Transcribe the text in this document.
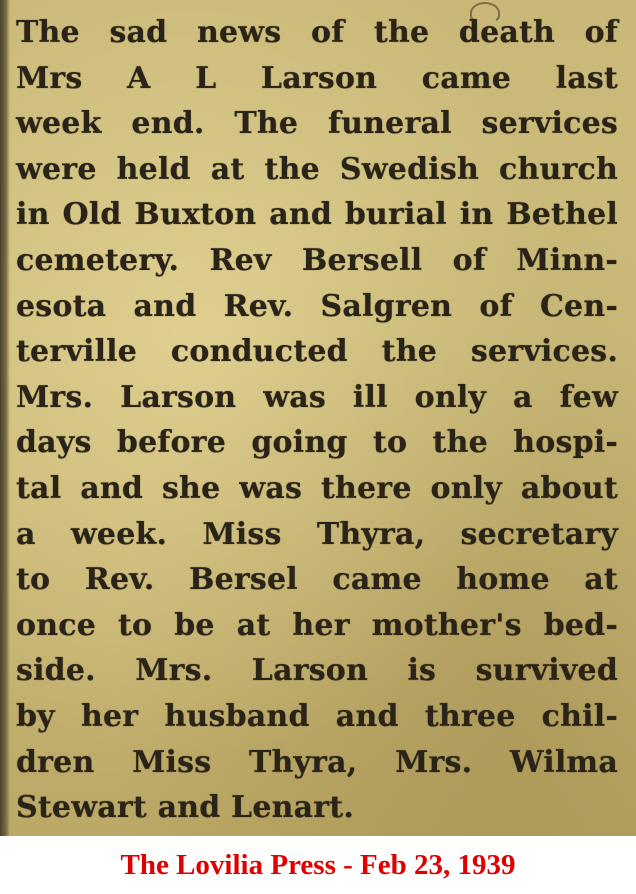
The sad news of the death of
Mrs A L Larson came last
week end. The funeral services
were held at the Swedish church
in Old Buxton and burial in Bethel
cemetery. Rev Bersell of Minn-
esota and Rev. Salgren of Cen-
terville conducted the services.
Mrs. Larson was ill only a few
days before going to the hospi-
tal and she was there only about
a week. Miss Thyra, secretary
to Rev. Bersel came home at
once to be at her mother's bed-
side. Mrs. Larson is survived
by her husband and three chil-
dren Miss Thyra, Mrs. Wilma
Stewart and Lenart.
The Lovilia Press - Feb 23, 1939
